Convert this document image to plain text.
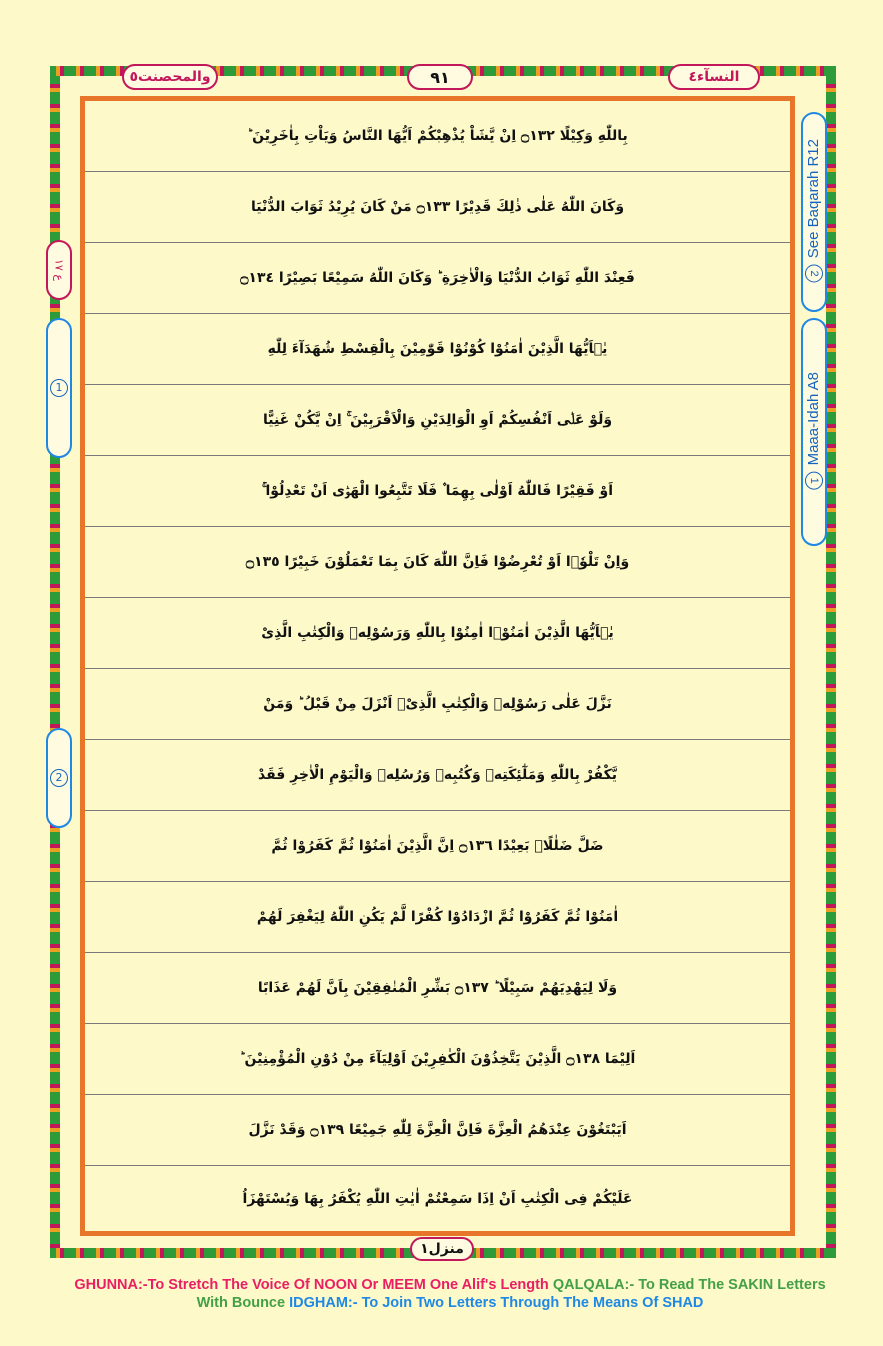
والمحصنت٥	٩١	النسآء٤
ع ١٧
1
2
2 See Baqarah R12
1 Maaa-Idah A8
بِاللّٰهِ وَكِيْلًا ۝١٣٢ اِنْ يَّشَاْ يُذْهِبْكُمْ اَيُّهَا النَّاسُ وَيَاْتِ بِاٰخَرِيْنَ ؕ
وَكَانَ اللّٰهُ عَلٰى ذٰلِكَ قَدِيْرًا ۝١٣٣ مَنْ كَانَ يُرِيْدُ ثَوَابَ الدُّنْيَا
فَعِنْدَ اللّٰهِ ثَوَابُ الدُّنْيَا وَالْاٰخِرَةِ ؕ وَكَانَ اللّٰهُ سَمِيْعًا بَصِيْرًا ۝١٣٤
يٰۤاَيُّهَا الَّذِيْنَ اٰمَنُوْا كُوْنُوْا قَوّٰمِيْنَ بِالْقِسْطِ شُهَدَآءَ لِلّٰهِ
وَلَوْ عَلٰۤى اَنْفُسِكُمْ اَوِ الْوَالِدَيْنِ وَالْاَقْرَبِيْنَ ۚ اِنْ يَّكُنْ غَنِيًّا
اَوْ فَقِيْرًا فَاللّٰهُ اَوْلٰى بِهِمَا ۫ فَلَا تَتَّبِعُوا الْهَوٰۤى اَنْ تَعْدِلُوْا ۚ
وَاِنْ تَلْوٗۤا اَوْ تُعْرِضُوْا فَاِنَّ اللّٰهَ كَانَ بِمَا تَعْمَلُوْنَ خَبِيْرًا ۝١٣٥
يٰۤاَيُّهَا الَّذِيْنَ اٰمَنُوْۤا اٰمِنُوْا بِاللّٰهِ وَرَسُوْلِهٖ وَالْكِتٰبِ الَّذِىْ
نَزَّلَ عَلٰى رَسُوْلِهٖ وَالْكِتٰبِ الَّذِىْۤ اَنْزَلَ مِنْ قَبْلُ ؕ وَمَنْ
يَّكْفُرْ بِاللّٰهِ وَمَلٰٓئِكَتِهٖ وَكُتُبِهٖ وَرُسُلِهٖ وَالْيَوْمِ الْاٰخِرِ فَقَدْ
ضَلَّ ضَلٰلًاۢ بَعِيْدًا ۝١٣٦ اِنَّ الَّذِيْنَ اٰمَنُوْا ثُمَّ كَفَرُوْا ثُمَّ
اٰمَنُوْا ثُمَّ كَفَرُوْا ثُمَّ ازْدَادُوْا كُفْرًا لَّمْ يَكُنِ اللّٰهُ لِيَغْفِرَ لَهُمْ
وَلَا لِيَهْدِيَهُمْ سَبِيْلًا ؕ ۝١٣٧ بَشِّرِ الْمُنٰفِقِيْنَ بِاَنَّ لَهُمْ عَذَابًا
اَلِيْمَا ۝١٣٨ الَّذِيْنَ يَتَّخِذُوْنَ الْكٰفِرِيْنَ اَوْلِيَآءَ مِنْ دُوْنِ الْمُؤْمِنِيْنَ ؕ
اَيَبْتَغُوْنَ عِنْدَهُمُ الْعِزَّةَ فَاِنَّ الْعِزَّةَ لِلّٰهِ جَمِيْعًا ۝١٣٩ وَقَدْ نَزَّلَ
عَلَيْكُمْ فِى الْكِتٰبِ اَنْ اِذَا سَمِعْتُمْ اٰيٰتِ اللّٰهِ يُكْفَرُ بِهَا وَيُسْتَهْزَاُ
منزل١
GHUNNA:-To Stretch The Voice Of NOON Or MEEM One Alif's Length QALQALA:- To Read The SAKIN Letters With Bounce IDGHAM:- To Join Two Letters Through The Means Of SHAD
